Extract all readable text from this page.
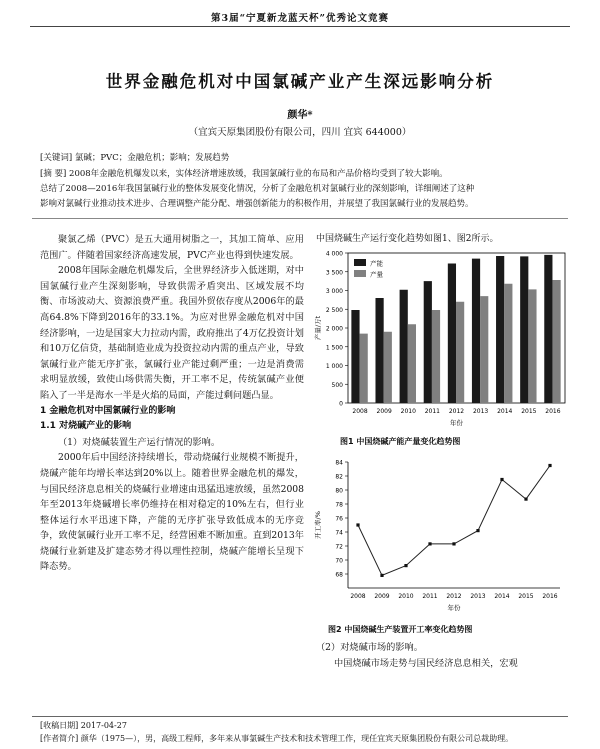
第3届“宁夏新龙蓝天杯”优秀论文竞赛
世界金融危机对中国氯碱产业产生深远影响分析
颜华*
（宜宾天原集团股份有限公司，四川 宜宾 644000）
[关键词] 氯碱；PVC；金融危机；影响；发展趋势
[摘 要] 2008年金融危机爆发以来，实体经济增速放缓，我国氯碱行业的布局和产品价格均受到了较大影响。
总结了2008—2016年我国氯碱行业的整体发展变化情况，分析了金融危机对氯碱行业的深刻影响，详细阐述了这种
影响对氯碱行业推动技术进步、合理调整产能分配、增强创新能力的积极作用，并展望了我国氯碱行业的发展趋势。

聚氯乙烯（PVC）是五大通用树脂之一，其加工简单、应用范围广。伴随着国家经济高速发展，PVC产业也得到快速发展。

2008年国际金融危机爆发后，全世界经济步入低迷期，对中国氯碱行业产生深刻影响，导致供需矛盾突出、区域发展不均衡、市场波动大、资源浪费严重。我国外贸依存度从2006年的最高64.8%下降到2016年的33.1%。为应对世界金融危机对中国经济影响，一边是国家大力拉动内需，政府推出了4万亿投资计划和10万亿信贷，基础制造业成为投资拉动内需的重点产业，导致氯碱行业产能无序扩张，氯碱行业产能过剩严重；一边是消费需求明显放缓，致使山场供需失衡，开工率不足，传统氯碱产业便陷入了一半是海水一半是火焰的局面，产能过剩问题凸显。

1 金融危机对中国氯碱行业的影响

1.1 对烧碱产业的影响

（1）对烧碱装置生产运行情况的影响。

2000年后中国经济持续增长，带动烧碱行业规模不断提升，烧碱产能年均增长率达到20%以上。随着世界金融危机的爆发，与国民经济息息相关的烧碱行业增速由迅猛迅速放缓，虽然2008年至2013年烧碱增长率仍维持在相对稳定的10%左右，但行业整体运行水平迅速下降，产能的无序扩张导致低成本的无序竞争，致使氯碱行业开工率不足，经营困难不断加重。直到2013年烧碱行业新建及扩建态势才得以理性控制，烧碱产能增长呈现下降态势。

中国烧碱生产运行变化趋势如图1、图2所示。
0
500
1 000
1 500
2 000
2 500
3 000
3 500
4 000
2008 2009 2010 2011 2012 2013 2014 2015 2016
年份
产量/万t
产能
产量
图1 中国烧碱产能产量变化趋势图
68
70
72
74
76
78
80
82
84
2008 2009 2010 2011 2012 2013 2014 2015 2016
年份
开工率/%
图2 中国烧碱生产装置开工率变化趋势图

（2）对烧碱市场的影响。

中国烧碱市场走势与国民经济息息相关，宏观

[收稿日期] 2017-04-27
[作者简介] 颜华（1975—），男，高级工程师，多年来从事氯碱生产技术和技术管理工作，现任宜宾天原集团股份有限公司总裁助理。
